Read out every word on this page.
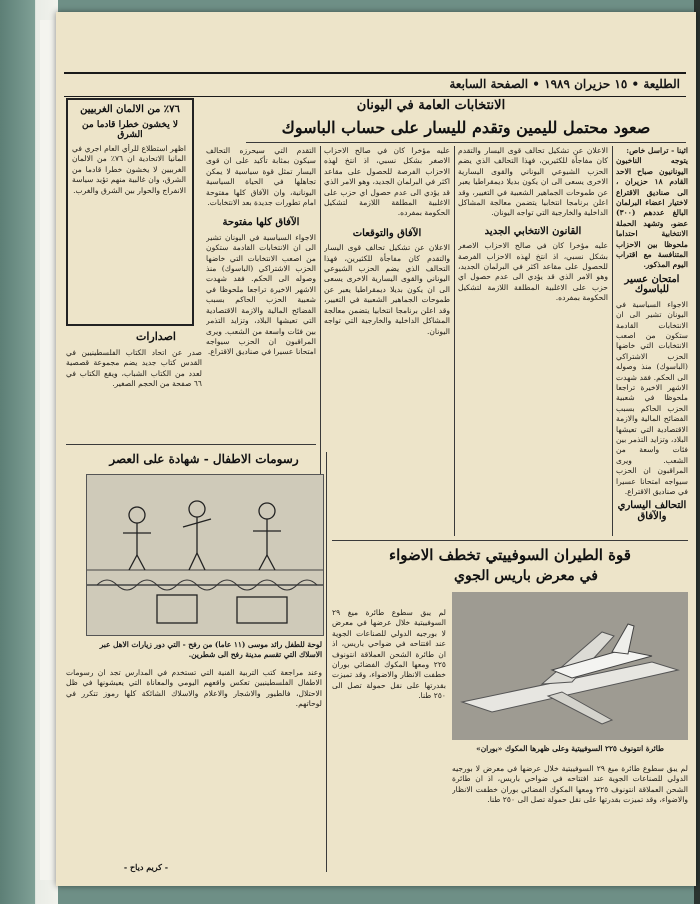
الطليعة • ١٥ حزيران ١٩٨٩ • الصفحة السابعة
الانتخابات العامة في اليونان
صعود محتمل لليمين وتقدم لليسار على حساب الباسوك
اثينا - تراسل خاص:
يتوجه الناخبون اليونانيون صباح الاحد القادم ١٨ حزيران ، الى صناديق الاقتراع لاختيار اعضاء البرلمان البالغ عددهم (٣٠٠) عضو، وتشهد الحملة الانتخابية احتداما ملحوظا بين الاحزاب المتنافسة مع اقتراب اليوم المذكور.
امتحان عسير للباسوك
الاجواء السياسية في اليونان تشير الى ان الانتخابات القادمة ستكون من اصعب الانتخابات التي خاضها الحزب الاشتراكي (الباسوك) منذ وصوله الى الحكم. فقد شهدت الاشهر الاخيرة تراجعا ملحوظا في شعبية الحزب الحاكم بسبب الفضائح المالية والازمة الاقتصادية التي تعيشها البلاد، وتزايد التذمر بين فئات واسعة من الشعب. ويرى المراقبون ان الحزب سيواجه امتحانا عسيرا في صناديق الاقتراع.
التحالف اليساري والآفاق
الاعلان عن تشكيل تحالف قوى اليسار والتقدم كان مفاجأة للكثيرين، فهذا التحالف الذي يضم الحزب الشيوعي اليوناني والقوى اليسارية الاخرى يسعى الى ان يكون بديلا ديمقراطيا يعبر عن طموحات الجماهير الشعبية في التغيير، وقد اعلن برنامجا انتخابيا يتضمن معالجة المشاكل الداخلية والخارجية التي تواجه اليونان.
القانون الانتخابي الجديد
عليه مؤخرا كان في صالح الاحزاب الاصغر بشكل نسبي، اذ انتخ لهذه الاحزاب الفرصة للحصول على مقاعد اكثر في البرلمان الجديد، وهو الامر الذي قد يؤدي الى عدم حصول اي حزب على الاغلبية المطلقة اللازمة لتشكيل الحكومة بمفرده.
عليه مؤخرا كان في صالح الاحزاب الاصغر بشكل نسبي، اذ انتخ لهذه الاحزاب الفرصة للحصول على مقاعد اكثر في البرلمان الجديد، وهو الامر الذي قد يؤدي الى عدم حصول اي حزب على الاغلبية المطلقة اللازمة لتشكيل الحكومة بمفرده.
الآفاق والتوقعات
الاعلان عن تشكيل تحالف قوى اليسار والتقدم كان مفاجأة للكثيرين، فهذا التحالف الذي يضم الحزب الشيوعي اليوناني والقوى اليسارية الاخرى يسعى الى ان يكون بديلا ديمقراطيا يعبر عن طموحات الجماهير الشعبية في التغيير، وقد اعلن برنامجا انتخابيا يتضمن معالجة المشاكل الداخلية والخارجية التي تواجه اليونان.
التقدم التي سيحرزه التحالف سيكون بمثابة تأكيد على ان قوى اليسار تمثل قوة سياسية لا يمكن تجاهلها في الحياة السياسية اليونانية، وان الآفاق كلها مفتوحة امام تطورات جديدة بعد الانتخابات.
الآفاق كلها مفتوحة
الاجواء السياسية في اليونان تشير الى ان الانتخابات القادمة ستكون من اصعب الانتخابات التي خاضها الحزب الاشتراكي (الباسوك) منذ وصوله الى الحكم. فقد شهدت الاشهر الاخيرة تراجعا ملحوظا في شعبية الحزب الحاكم بسبب الفضائح المالية والازمة الاقتصادية التي تعيشها البلاد، وتزايد التذمر بين فئات واسعة من الشعب. ويرى المراقبون ان الحزب سيواجه امتحانا عسيرا في صناديق الاقتراع.
٧٦٪ من الالمان الغربيين
لا يخشون خطرا قادما من الشرق
اظهر استطلاع للرأي العام اجري في المانيا الاتحادية ان ٧٦٪ من الالمان الغربيين لا يخشون خطرا قادما من الشرق، وان غالبية منهم تؤيد سياسة الانفراج والحوار بين الشرق والغرب.
اصدارات
صدر عن اتحاد الكتاب الفلسطينيين في القدس كتاب جديد يضم مجموعة قصصية لعدد من الكتاب الشباب، ويقع الكتاب في ٦٦ صفحة من الحجم الصغير.
رسومات الاطفال - شهادة على العصر
لوحة للطفل رائد موسى (١١ عاما) من رفح - التي دور زيارات الاهل عبر الاسلاك التي تقسم مدينة رفح الى شطرين.
وعند مراجعة كتب التربية الفنية التي تستخدم في المدارس تجد ان رسومات الاطفال الفلسطينيين تعكس واقعهم اليومي والمعاناة التي يعيشونها في ظل الاحتلال، فالطيور والاشجار والاعلام والاسلاك الشائكة كلها رموز تتكرر في لوحاتهم.
- كريم دياح -
قوة الطيران السوفييتي تخطف الاضواء
في معرض باريس الجوي
طائرة انتونوف ٢٢٥ السوفييتية وعلى ظهرها المكوك «بوران»
لم يبق سطوع طائرة ميغ ٢٩ السوفييتية خلال عرضها في معرض لا بورجيه الدولي للصناعات الجوية عند افتتاحه في ضواحي باريس، اذ ان طائرة الشحن العملاقة انتونوف ٢٢٥ ومعها المكوك الفضائي بوران خطفت الانظار والاضواء، وقد تميزت بقدرتها على نقل حمولة تصل الى ٢٥٠ طنا.
لم يبق سطوع طائرة ميغ ٢٩ السوفييتية خلال عرضها في معرض لا بورجيه الدولي للصناعات الجوية عند افتتاحه في ضواحي باريس، اذ ان طائرة الشحن العملاقة انتونوف ٢٢٥ ومعها المكوك الفضائي بوران خطفت الانظار والاضواء، وقد تميزت بقدرتها على نقل حمولة تصل الى ٢٥٠ طنا.
